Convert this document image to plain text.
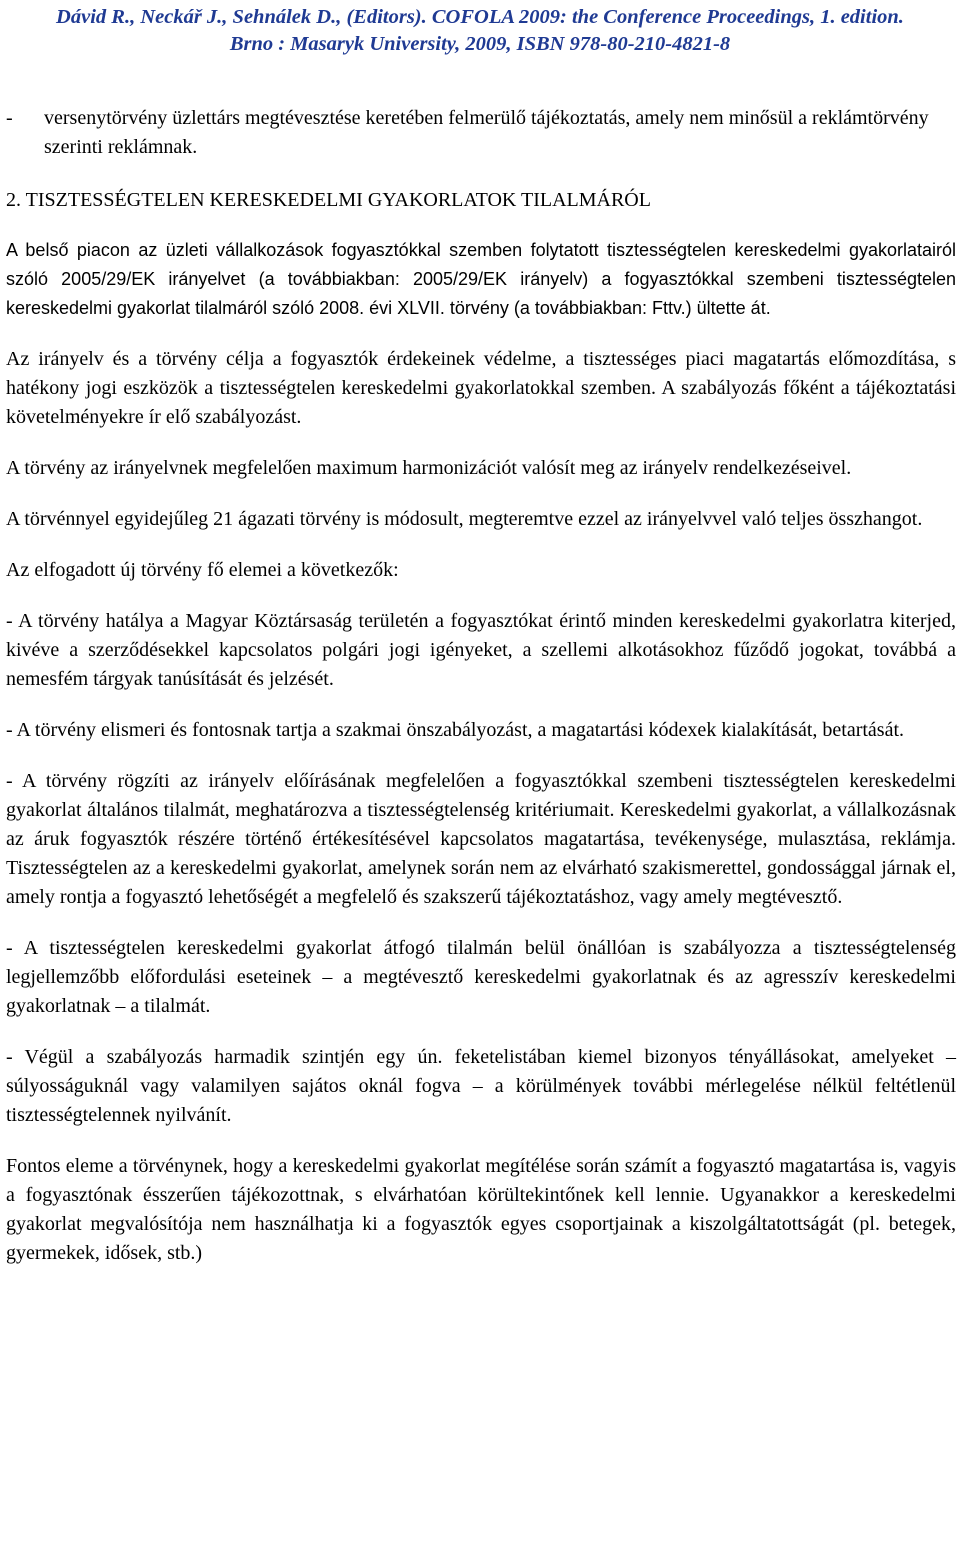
Dávid R., Neckář J., Sehnálek D., (Editors). COFOLA 2009: the Conference Proceedings, 1. edition.
Brno : Masaryk University, 2009, ISBN 978-80-210-4821-8
-	versenytörvény üzlettárs megtévesztése keretében felmerülő tájékoztatás, amely nem minősül a reklámtörvény szerinti reklámnak.
2. TISZTESSÉGTELEN KERESKEDELMI GYAKORLATOK TILALMÁRÓL

A belső piacon az üzleti vállalkozások fogyasztókkal szemben folytatott tisztességtelen kereskedelmi gyakorlatairól szóló 2005/29/EK irányelvet (a továbbiakban: 2005/29/EK irányelv) a fogyasztókkal szembeni tisztességtelen kereskedelmi gyakorlat tilalmáról szóló 2008. évi XLVII. törvény (a továbbiakban: Fttv.) ültette át.

Az irányelv és a törvény célja a fogyasztók érdekeinek védelme, a tisztességes piaci magatartás előmozdítása, s hatékony jogi eszközök a tisztességtelen kereskedelmi gyakorlatokkal szemben. A szabályozás főként a tájékoztatási követelményekre ír elő szabályozást.

A törvény az irányelvnek megfelelően maximum harmonizációt valósít meg az irányelv rendelkezéseivel.

A törvénnyel egyidejűleg 21 ágazati törvény is módosult, megteremtve ezzel az irányelvvel való teljes összhangot.

Az elfogadott új törvény fő elemei a következők:

- A törvény hatálya a Magyar Köztársaság területén a fogyasztókat érintő minden kereskedelmi gyakorlatra kiterjed, kivéve a szerződésekkel kapcsolatos polgári jogi igényeket, a szellemi alkotásokhoz fűződő jogokat, továbbá a nemesfém tárgyak tanúsítását és jelzését.

- A törvény elismeri és fontosnak tartja a szakmai önszabályozást, a magatartási kódexek kialakítását, betartását.

- A törvény rögzíti az irányelv előírásának megfelelően a fogyasztókkal szembeni tisztességtelen kereskedelmi gyakorlat általános tilalmát, meghatározva a tisztességtelenség kritériumait. Kereskedelmi gyakorlat, a vállalkozásnak az áruk fogyasztók részére történő értékesítésével kapcsolatos magatartása, tevékenysége, mulasztása, reklámja. Tisztességtelen az a kereskedelmi gyakorlat, amelynek során nem az elvárható szakismerettel, gondossággal járnak el, amely rontja a fogyasztó lehetőségét a megfelelő és szakszerű tájékoztatáshoz, vagy amely megtévesztő.

- A tisztességtelen kereskedelmi gyakorlat átfogó tilalmán belül önállóan is szabályozza a tisztességtelenség legjellemzőbb előfordulási eseteinek – a megtévesztő kereskedelmi gyakorlatnak és az agresszív kereskedelmi gyakorlatnak – a tilalmát.

- Végül a szabályozás harmadik szintjén egy ún. feketelistában kiemel bizonyos tényállásokat, amelyeket – súlyosságuknál vagy valamilyen sajátos oknál fogva – a körülmények további mérlegelése nélkül feltétlenül tisztességtelennek nyilvánít.

Fontos eleme a törvénynek, hogy a kereskedelmi gyakorlat megítélése során számít a fogyasztó magatartása is, vagyis a fogyasztónak ésszerűen tájékozottnak, s elvárhatóan körültekintőnek kell lennie. Ugyanakkor a kereskedelmi gyakorlat megvalósítója nem használhatja ki a fogyasztók egyes csoportjainak a kiszolgáltatottságát (pl. betegek, gyermekek, idősek, stb.)
